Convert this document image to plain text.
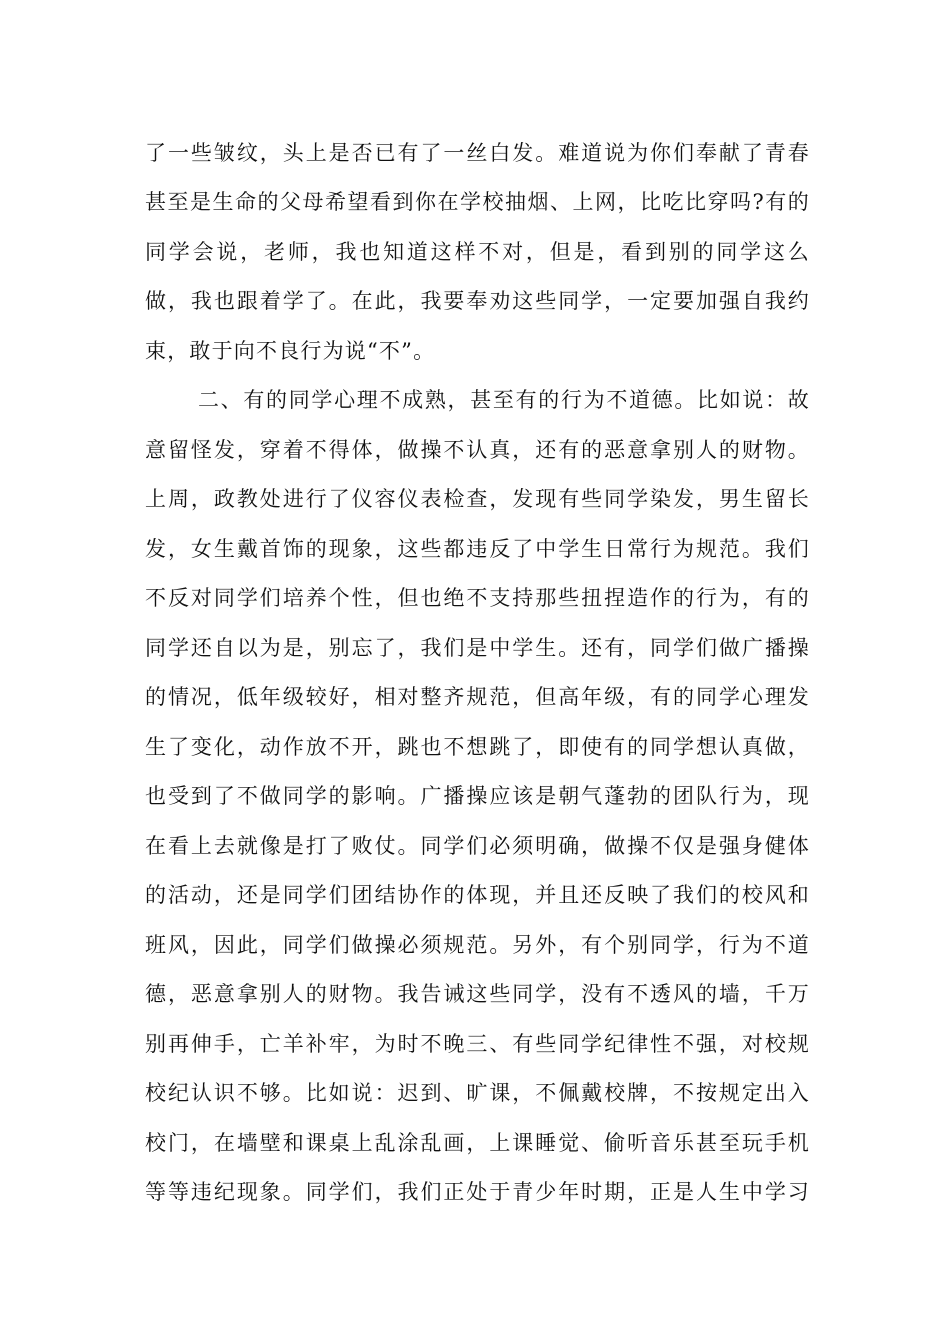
了一些皱纹，头上是否已有了一丝白发。难道说为你们奉献了青春
甚至是生命的父母希望看到你在学校抽烟、上网，比吃比穿吗?有的
同学会说，老师，我也知道这样不对，但是，看到别的同学这么
做，我也跟着学了。在此，我要奉劝这些同学，一定要加强自我约
束，敢于向不良行为说“不”。
二、有的同学心理不成熟，甚至有的行为不道德。比如说：故
意留怪发，穿着不得体，做操不认真，还有的恶意拿别人的财物。
上周，政教处进行了仪容仪表检查，发现有些同学染发，男生留长
发，女生戴首饰的现象，这些都违反了中学生日常行为规范。我们
不反对同学们培养个性，但也绝不支持那些扭捏造作的行为，有的
同学还自以为是，别忘了，我们是中学生。还有，同学们做广播操
的情况，低年级较好，相对整齐规范，但高年级，有的同学心理发
生了变化，动作放不开，跳也不想跳了，即使有的同学想认真做，
也受到了不做同学的影响。广播操应该是朝气蓬勃的团队行为，现
在看上去就像是打了败仗。同学们必须明确，做操不仅是强身健体
的活动，还是同学们团结协作的体现，并且还反映了我们的校风和
班风，因此，同学们做操必须规范。另外，有个别同学，行为不道
德，恶意拿别人的财物。我告诫这些同学，没有不透风的墙，千万
别再伸手，亡羊补牢，为时不晚三、有些同学纪律性不强，对校规
校纪认识不够。比如说：迟到、旷课，不佩戴校牌，不按规定出入
校门，在墙壁和课桌上乱涂乱画，上课睡觉、偷听音乐甚至玩手机
等等违纪现象。同学们，我们正处于青少年时期，正是人生中学习
